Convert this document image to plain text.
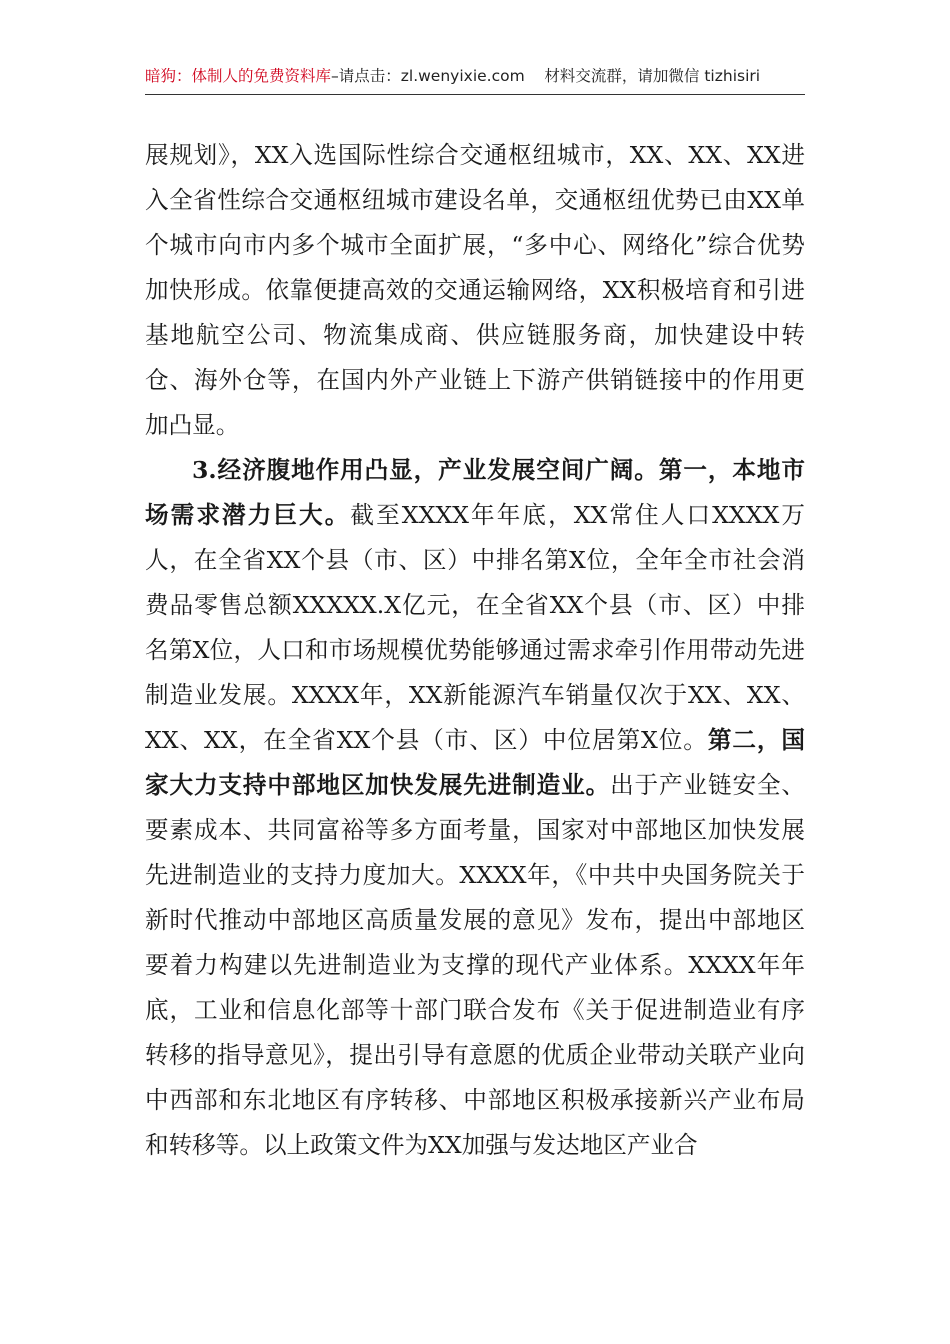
暗狗：体制人的免费资料库–请点击：zl.wenyixie.com 材料交流群，请加微信 tizhisiri

展规划》，XX入选国际性综合交通枢纽城市，XX、XX、XX进入全省性综合交通枢纽城市建设名单，交通枢纽优势已由XX单个城市向市内多个城市全面扩展，“多中心、网络化”综合优势加快形成。依靠便捷高效的交通运输网络，XX积极培育和引进基地航空公司、物流集成商、供应链服务商，加快建设中转仓、海外仓等，在国内外产业链上下游产供销链接中的作用更加凸显。

3.经济腹地作用凸显，产业发展空间广阔。第一，本地市场需求潜力巨大。截至XXXX年年底，XX常住人口XXXX万人，在全省XX个县（市、区）中排名第X位，全年全市社会消费品零售总额XXXXX.X亿元，在全省XX个县（市、区）中排名第X位，人口和市场规模优势能够通过需求牵引作用带动先进制造业发展。XXXX年，XX新能源汽车销量仅次于XX、XX、XX、XX，在全省XX个县（市、区）中位居第X位。第二，国家大力支持中部地区加快发展先进制造业。出于产业链安全、要素成本、共同富裕等多方面考量，国家对中部地区加快发展先进制造业的支持力度加大。XXXX年，《中共中央国务院关于新时代推动中部地区高质量发展的意见》发布，提出中部地区要着力构建以先进制造业为支撑的现代产业体系。XXXX年年底，工业和信息化部等十部门联合发布《关于促进制造业有序转移的指导意见》，提出引导有意愿的优质企业带动关联产业向中西部和东北地区有序转移、中部地区积极承接新兴产业布局和转移等。以上政策文件为XX加强与发达地区产业合
